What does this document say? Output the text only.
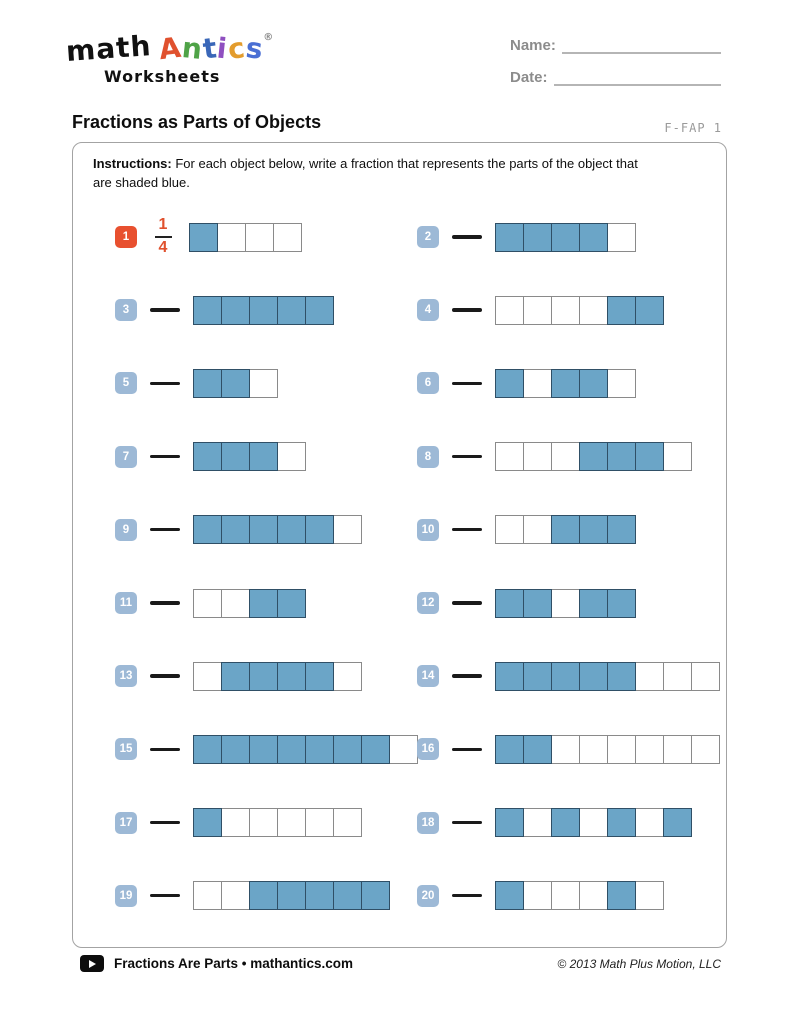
math Antics®
Worksheets
Name:
Date:
Fractions as Parts of Objects	F-FAP 1
Instructions: For each object below, write a fraction that represents the parts of the object that are shaded blue.
1	$\frac{1}{4}$	2
3	4
5	6
7	8
9	10
11	12
13	14
15	16
17	18
19	20
Fractions Are Parts • mathantics.com	© 2013 Math Plus Motion, LLC
